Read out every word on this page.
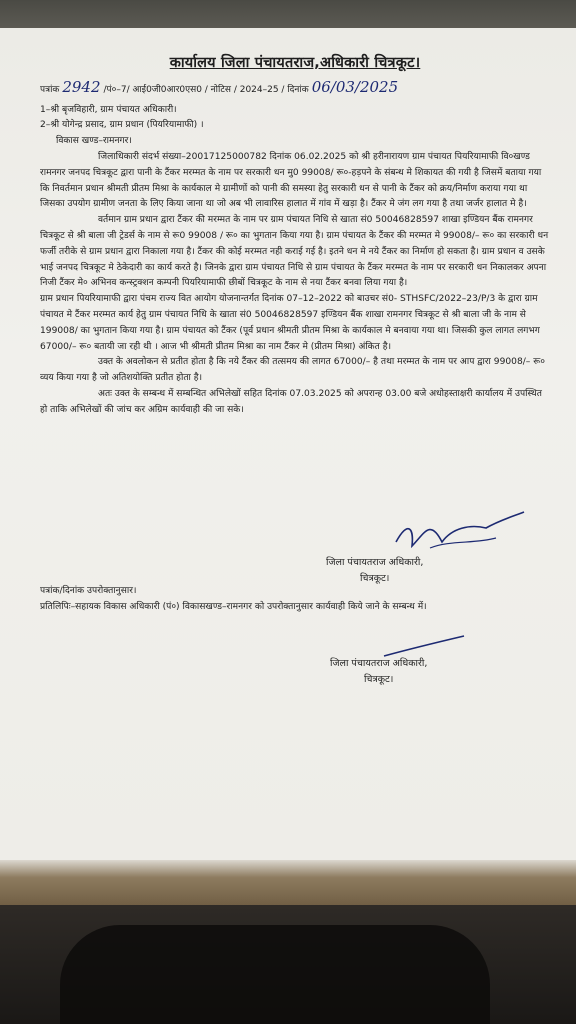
कार्यालय जिला पंचायतराज,अधिकारी चित्रकूट।
पत्रांक 2942 /पं०–7/ आई0जी0आर0एस0 / नोटिस / 2024–25 / दिनांक 06/03/2025

1–श्री बृजविहारी, ग्राम पंचायत अधिकारी।

2–श्री योगेन्द्र प्रसाद, ग्राम प्रधान (पियरियामाफी) ।

विकास खण्ड–रामनगर।

जिलाधिकारी संदर्भ संख्या–20017125000782 दिनांक 06.02.2025 को श्री हरीनारायण ग्राम पंचायत पियरियामाफी वि०खण्ड रामनगर जनपद चित्रकूट द्वारा पानी के टैंकर मरम्मत के नाम पर सरकारी धन मु0 99008/ रू०-हड़पने के संबन्ध मे शिकायत की गयी है जिसमें बताया गया कि निवर्तमान प्रधान श्रीमती प्रीतम मिश्रा के कार्यकाल मे ग्रामीणों को पानी की समस्या हेतु सरकारी धन से पानी के टैंकर को क्रय/निर्माण कराया गया था जिसका उपयोग ग्रामीण जनता के लिए किया जाना था जो अब भी लावारिस हालात में गांव में खड़ा है। टैंकर मे जंग लग गया है तथा जर्जर हालात मे है।

वर्तमान ग्राम प्रधान द्वारा टैंकर की मरम्मत के नाम पर ग्राम पंचायत निधि से खाता सं0 50046828597 शाखा इण्डियन बैंक रामनगर चित्रकूट से श्री बाला जी ट्रेडर्स के नाम से रू0 99008 / रू० का भुगतान किया गया है। ग्राम पंचायत के टैंकर की मरम्मत मे 99008/– रू० का सरकारी धन फर्जी तरीके से ग्राम प्रधान द्वारा निकाला गया है। टैंकर की कोई मरम्मत नही कराई गई है। इतने धन मे नये टैंकर का निर्माण हो सकता है। ग्राम प्रधान व उसके भाई जनपद चित्रकूट मे ठेकेदारी का कार्य करते है। जिनके द्वारा ग्राम पंचायत निधि से ग्राम पंचायत के टैंकर मरम्मत के नाम पर सरकारी धन निकालकर अपना निजी टैंकर मे० अभिनव कन्स्ट्रक्शन कम्पनी पियरियामाफी छीबों चित्रकूट के नाम से नया टैंकर बनवा लिया गया है।

ग्राम प्रधान पियरियामाफी द्वारा पंचम राज्य वित आयोग योजनान्तर्गत दिनांक 07–12–2022 को बाउचर सं0- STHSFC/2022–23/P/3 के द्वारा ग्राम पंचायत मे टैंकर मरम्मत कार्य हेतु ग्राम पंचायत निधि के खाता सं0 50046828597 इण्डियन बैंक शाखा रामनगर चित्रकूट से श्री बाला जी के नाम से 199008/ का भुगतान किया गया है। ग्राम पंचायत को टैंकर (पूर्व प्रधान श्रीमती प्रीतम मिश्रा के कार्यकाल मे बनवाया गया था। जिसकी कुल लागत लगभग 67000/– रू० बतायी जा रही थी । आज भी श्रीमती प्रीतम मिश्रा का नाम टैंकर मे (प्रीतम मिश्रा) अंकित है।

उक्त के अवलोकन से प्रतीत होता है कि नये टैंकर की तत्समय की लागत 67000/– है तथा मरम्मत के नाम पर आप द्वारा 99008/– रू० व्यय किया गया है जो अतिशयोक्ति प्रतीत होता है।

अतः उक्त के सम्बन्ध में सम्बन्धित अभिलेखों सहित दिनांक 07.03.2025 को अपरान्ह 03.00 बजे अधोहस्ताक्षरी कार्यालय में उपस्थित हो ताकि अभिलेखों की जांच कर अग्रिम कार्यवाही की जा सके।

जिला पंचायतराज अधिकारी,
चित्रकूट।

पत्रांक/दिनांक उपरोक्तानुसार।

प्रतिलिपिः–सहायक विकास अधिकारी (पं०) विकासखण्ड–रामनगर को उपरोक्तानुसार कार्यवाही किये जाने के सम्बन्ध में।

जिला पंचायतराज अधिकारी,
चित्रकूट।
